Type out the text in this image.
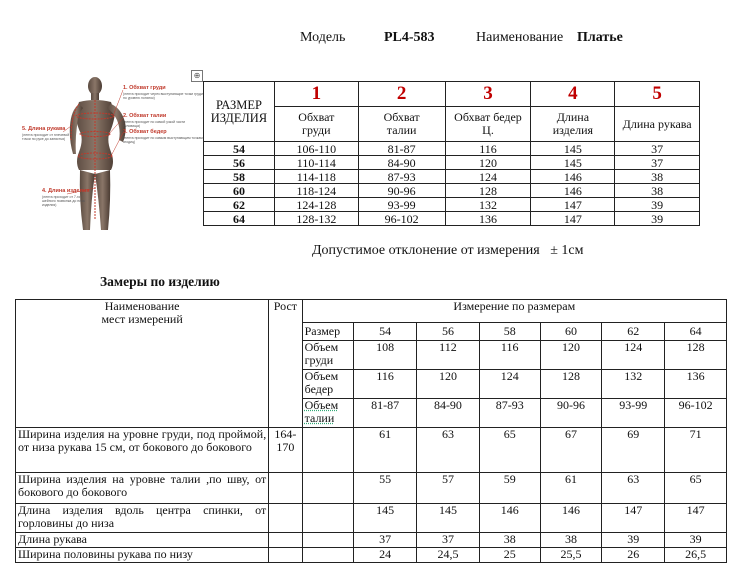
Модель	PL4-583	Наименование Платье
1. Обхват груди
(лента проходит через выступающие точки груди по уровню лопаток)
2. Обхват талии
(лента проходит по самой узкой части туловища)
3. Обхват бедер
(лента проходит по самым выступающим точкам ягодиц)
5. Длина рукава
(лента проходит от плечевой точки по руке до запястья)
4. Длина изделия
(лента проходит от 7-го шейного позвонка до низа изделия)
⊕
РАЗМЕР ИЗДЕЛИЯ	1	2	3	4	5
	Обхват груди	Обхват талии	Обхват бедер Ц.	Длина изделия	Длина рукава
54	106-110	81-87	116	145	37
56	110-114	84-90	120	145	37
58	114-118	87-93	124	146	38
60	118-124	90-96	128	146	38
62	124-128	93-99	132	147	39
64	128-132	96-102	136	147	39
Допустимое отклонение от измерения   ± 1см
Замеры по изделию
Наименование
мест измерений	Рост	Измерение по размерам						
		Размер	54	56	58	60	62	64
		Объем груди	108	112	116	120	124	128
		Объем бедер	116	120	124	128	132	136
		Объем талии	81-87	84-90	87-93	90-96	93-99	96-102
Ширина изделия на уровне груди, под проймой, от низа рукава 15 см, от бокового до бокового	164-170		61	63	65	67	69	71
Ширина изделия на уровне талии ,по шву, от бокового до бокового			55	57	59	61	63	65
Длина изделия вдоль центра спинки, от горловины до низа			145	145	146	146	147	147
Длина рукава			37	37	38	38	39	39
Ширина половины рукава по низу			24	24,5	25	25,5	26	26,5
